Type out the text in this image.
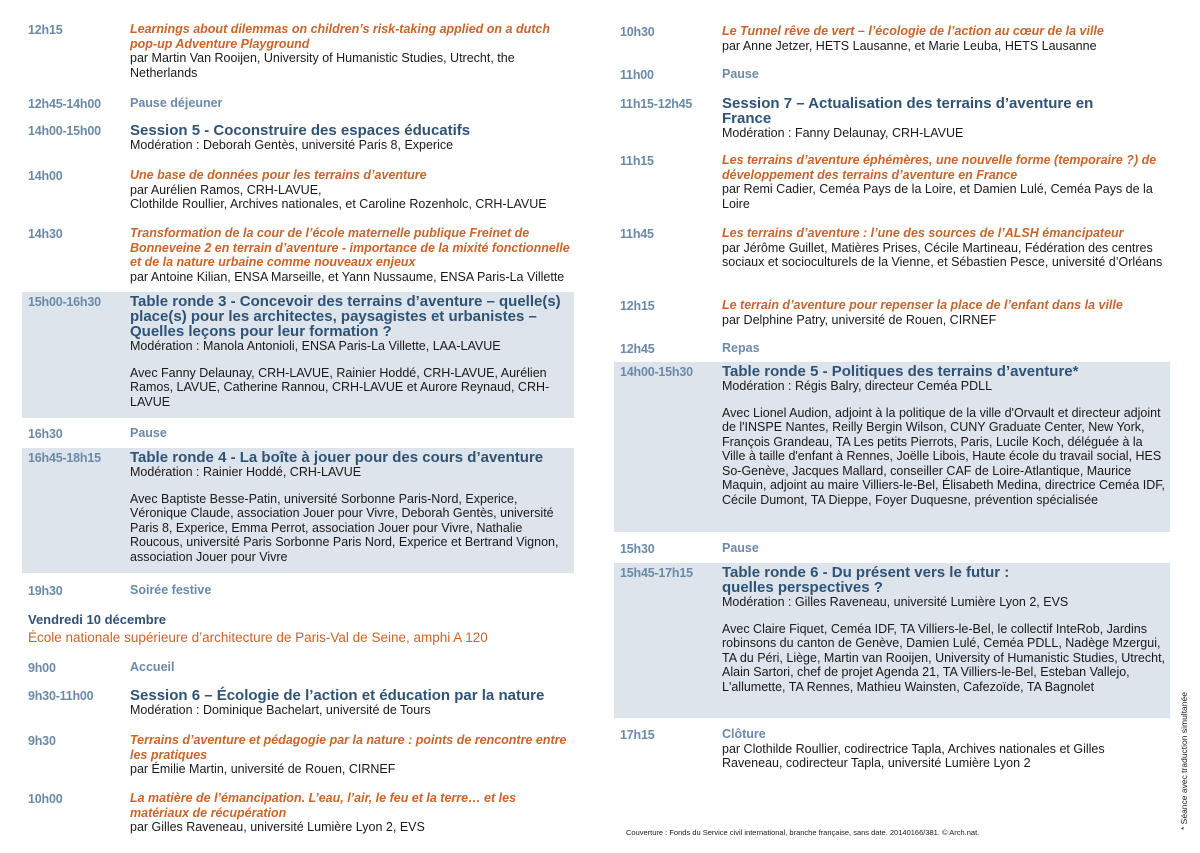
12h15	Learnings about dilemmas on children’s risk-taking applied on a dutch pop-up Adventure Playground
par Martin Van Rooijen, University of Humanistic Studies, Utrecht, the Netherlands
12h45-14h00	Pause déjeuner
14h00-15h00	Session 5 - Coconstruire des espaces éducatifs
Modération : Deborah Gentès, université Paris 8, Experice
14h00	Une base de données pour les terrains d’aventure
par Aurélien Ramos, CRH-LAVUE,
Clothilde Roullier, Archives nationales, et Caroline Rozenholc, CRH-LAVUE
14h30	Transformation de la cour de l’école maternelle publique Freinet de Bonneveine 2 en terrain d’aventure - importance de la mixité fonctionnelle et de la nature urbaine comme nouveaux enjeux
par Antoine Kilian, ENSA Marseille, et Yann Nussaume, ENSA Paris-La Villette
15h00-16h30	Table ronde 3 - Concevoir des terrains d’aventure – quelle(s) place(s) pour les architectes, paysagistes et urbanistes – Quelles leçons pour leur formation ?
Modération : Manola Antonioli, ENSA Paris-La Villette, LAA-LAVUE
Avec Fanny Delaunay, CRH-LAVUE, Rainier Hoddé, CRH-LAVUE, Aurélien Ramos, LAVUE, Catherine Rannou, CRH-LAVUE et Aurore Reynaud, CRH-LAVUE
16h30	Pause
16h45-18h15	Table ronde 4 - La boîte à jouer pour des cours d’aventure
Modération : Rainier Hoddé, CRH-LAVUE
Avec Baptiste Besse-Patin, université Sorbonne Paris-Nord, Experice, Véronique Claude, association Jouer pour Vivre, Deborah Gentès, université Paris 8, Experice, Emma Perrot, association Jouer pour Vivre, Nathalie Roucous, université Paris Sorbonne Paris Nord, Experice et Bertrand Vignon, association Jouer pour Vivre
19h30	Soirée festive
Vendredi 10 décembre
École nationale supérieure d’architecture de Paris-Val de Seine, amphi A 120
9h00	Accueil
9h30-11h00	Session 6 – Écologie de l’action et éducation par la nature
Modération : Dominique Bachelart, université de Tours
9h30	Terrains d’aventure et pédagogie par la nature : points de rencontre entre les pratiques
par Émilie Martin, université de Rouen, CIRNEF
10h00	La matière de l’émancipation. L’eau, l’air, le feu et la terre… et les matériaux de récupération
par Gilles Raveneau, université Lumière Lyon 2, EVS
10h30	Le Tunnel rêve de vert – l’écologie de l’action au cœur de la ville
par Anne Jetzer, HETS Lausanne, et Marie Leuba, HETS Lausanne
11h00	Pause
11h15-12h45	Session 7 – Actualisation des terrains d’aventure en France
Modération : Fanny Delaunay, CRH-LAVUE
11h15	Les terrains d’aventure éphémères, une nouvelle forme (temporaire ?) de développement des terrains d’aventure en France
par Remi Cadier, Ceméa Pays de la Loire, et Damien Lulé, Ceméa Pays de la Loire
11h45	Les terrains d’aventure : l’une des sources de l’ALSH émancipateur
par Jérôme Guillet, Matières Prises, Cécile Martineau, Fédération des centres sociaux et socioculturels de la Vienne, et Sébastien Pesce, université d’Orléans
12h15	Le terrain d’aventure pour repenser la place de l’enfant dans la ville
par Delphine Patry, université de Rouen, CIRNEF
12h45	Repas
14h00-15h30	Table ronde 5 - Politiques des terrains d’aventure*
Modération : Régis Balry, directeur Ceméa PDLL
Avec Lionel Audion, adjoint à la politique de la ville d'Orvault et directeur adjoint de l'INSPE Nantes, Reilly Bergin Wilson, CUNY Graduate Center, New York, François Grandeau, TA Les petits Pierrots, Paris, Lucile Koch, déléguée à la Ville à taille d'enfant à Rennes, Joëlle Libois, Haute école du travail social, HES So-Genève, Jacques Mallard, conseiller CAF de Loire-Atlantique, Maurice Maquin, adjoint au maire Villiers-le-Bel, Élisabeth Medina, directrice Ceméa IDF, Cécile Dumont, TA Dieppe, Foyer Duquesne, prévention spécialisée
15h30	Pause
15h45-17h15	Table ronde 6 - Du présent vers le futur : quelles perspectives ?
Modération : Gilles Raveneau, université Lumière Lyon 2, EVS
Avec Claire Fiquet, Ceméa IDF, TA Villiers-le-Bel, le collectif InteRob, Jardins robinsons du canton de Genève, Damien Lulé, Ceméa PDLL, Nadège Mzergui, TA du Péri, Liège, Martin van Rooijen, University of Humanistic Studies, Utrecht, Alain Sartori, chef de projet Agenda 21, TA Villiers-le-Bel, Esteban Vallejo, L'allumette, TA Rennes, Mathieu Wainsten, Cafezoïde, TA Bagnolet
17h15	Clôture
par Clothilde Roullier, codirectrice Tapla, Archives nationales et Gilles Raveneau, codirecteur Tapla, université Lumière Lyon 2
Couverture : Fonds du Service civil international, branche française, sans date. 20140166/381. © Arch.nat.
* Séance avec traduction simultanée
